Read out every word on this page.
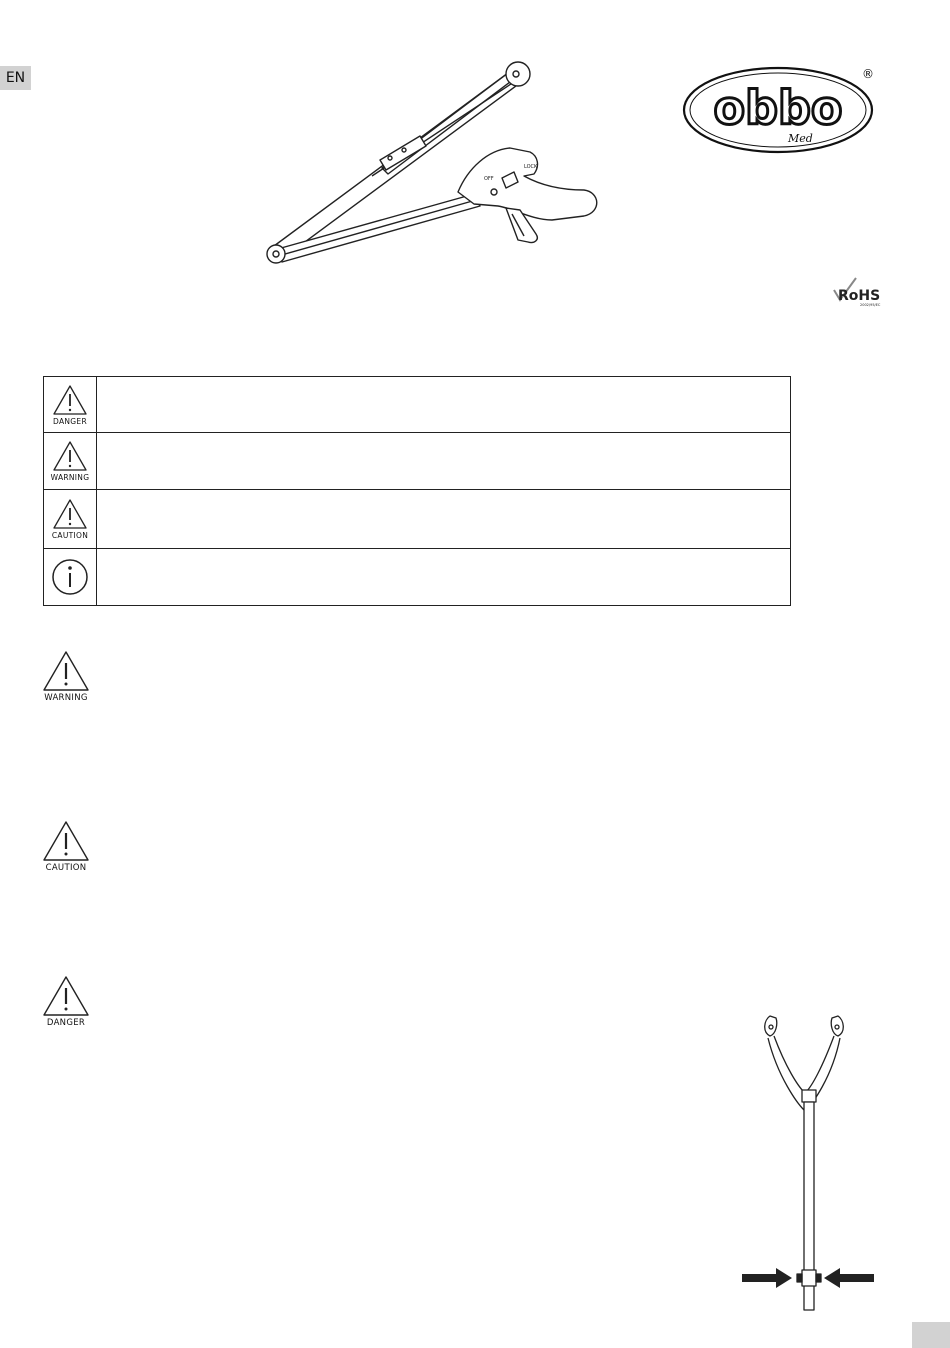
EN
OFF
LOCK
obbo
Med
®
RoHS
2002/95/EC
DANGER
WARNING
CAUTION
WARNING
CAUTION
DANGER
